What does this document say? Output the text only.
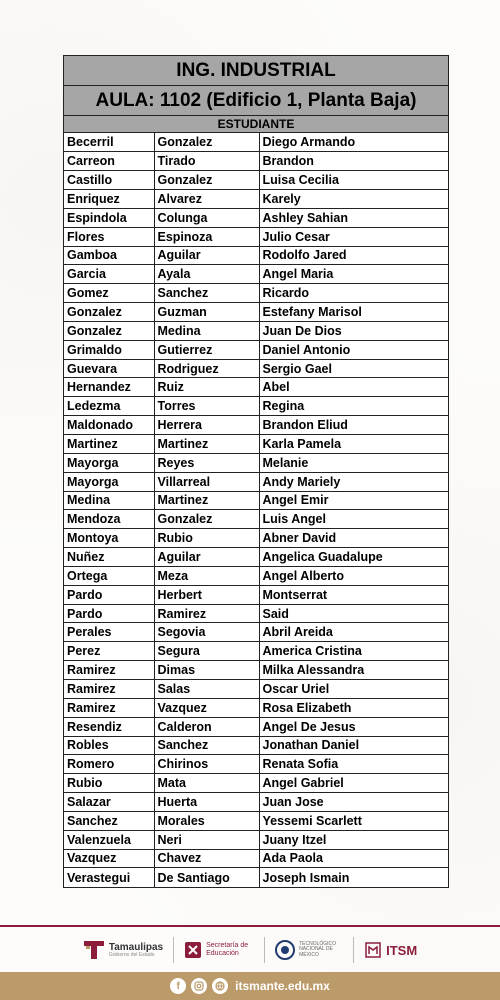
ING. INDUSTRIAL
AULA: 1102 (Edificio 1, Planta Baja)
ESTUDIANTE
Becerril	Gonzalez	Diego Armando
Carreon	Tirado	Brandon
Castillo	Gonzalez	Luisa Cecilia
Enriquez	Alvarez	Karely
Espindola	Colunga	Ashley Sahian
Flores	Espinoza	Julio Cesar
Gamboa	Aguilar	Rodolfo Jared
Garcia	Ayala	Angel Maria
Gomez	Sanchez	Ricardo
Gonzalez	Guzman	Estefany Marisol
Gonzalez	Medina	Juan De Dios
Grimaldo	Gutierrez	Daniel Antonio
Guevara	Rodriguez	Sergio Gael
Hernandez	Ruiz	Abel
Ledezma	Torres	Regina
Maldonado	Herrera	Brandon Eliud
Martinez	Martinez	Karla Pamela
Mayorga	Reyes	Melanie
Mayorga	Villarreal	Andy Mariely
Medina	Martinez	Angel Emir
Mendoza	Gonzalez	Luis Angel
Montoya	Rubio	Abner David
Nuñez	Aguilar	Angelica Guadalupe
Ortega	Meza	Angel Alberto
Pardo	Herbert	Montserrat
Pardo	Ramirez	Said
Perales	Segovia	Abril Areida
Perez	Segura	America Cristina
Ramirez	Dimas	Milka Alessandra
Ramirez	Salas	Oscar Uriel
Ramirez	Vazquez	Rosa Elizabeth
Resendiz	Calderon	Angel De Jesus
Robles	Sanchez	Jonathan Daniel
Romero	Chirinos	Renata Sofia
Rubio	Mata	Angel Gabriel
Salazar	Huerta	Juan Jose
Sanchez	Morales	Yessemi Scarlett
Valenzuela	Neri	Juany Itzel
Vazquez	Chavez	Ada Paola
Verastegui	De Santiago	Joseph Ismain
Tamaulipas
Gobierno del Estado
Secretaría de Educación
TECNOLÓGICO NACIONAL DE MÉXICO	ITSM
f	itsmante.edu.mx
